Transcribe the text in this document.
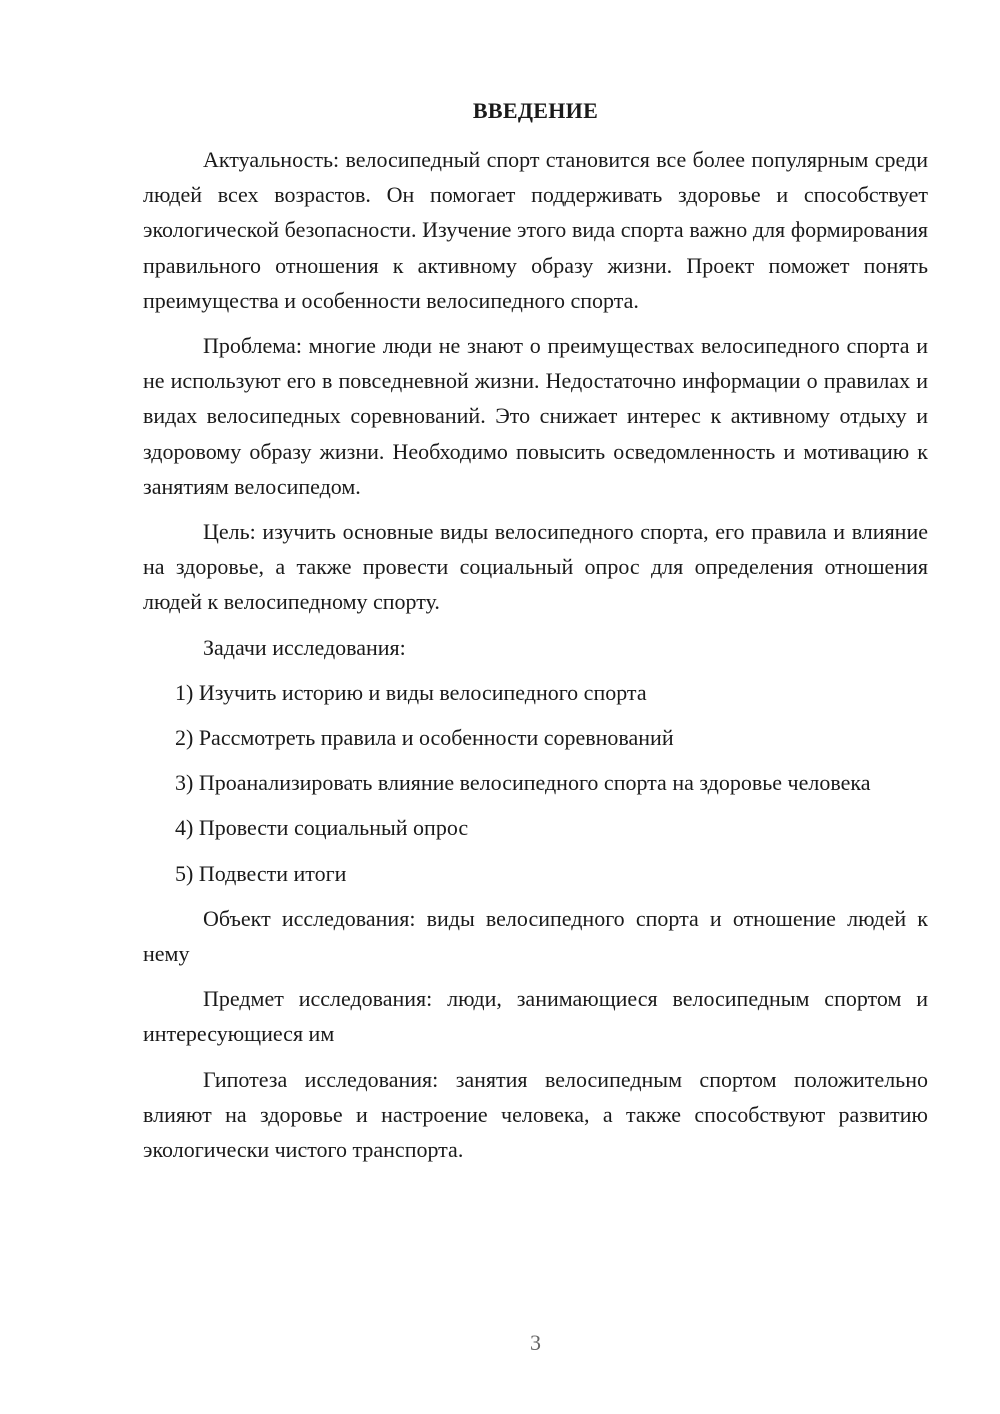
ВВЕДЕНИЕ

Актуальность: велосипедный спорт становится все более популярным среди людей всех возрастов. Он помогает поддерживать здоровье и способствует экологической безопасности. Изучение этого вида спорта важно для формирования правильного отношения к активному образу жизни. Проект поможет понять преимущества и особенности велосипедного спорта.

Проблема: многие люди не знают о преимуществах велосипедного спорта и не используют его в повседневной жизни. Недостаточно информации о правилах и видах велосипедных соревнований. Это снижает интерес к активному отдыху и здоровому образу жизни. Необходимо повысить осведомленность и мотивацию к занятиям велосипедом.

Цель: изучить основные виды велосипедного спорта, его правила и влияние на здоровье, а также провести социальный опрос для определения отношения людей к велосипедному спорту.

Задачи исследования:

1) Изучить историю и виды велосипедного спорта

2) Рассмотреть правила и особенности соревнований

3) Проанализировать влияние велосипедного спорта на здоровье человека

4) Провести социальный опрос

5) Подвести итоги

Объект исследования: виды велосипедного спорта и отношение людей к нему

Предмет исследования: люди, занимающиеся велосипедным спортом и интересующиеся им

Гипотеза исследования: занятия велосипедным спортом положительно влияют на здоровье и настроение человека, а также способствуют развитию экологически чистого транспорта.

3
